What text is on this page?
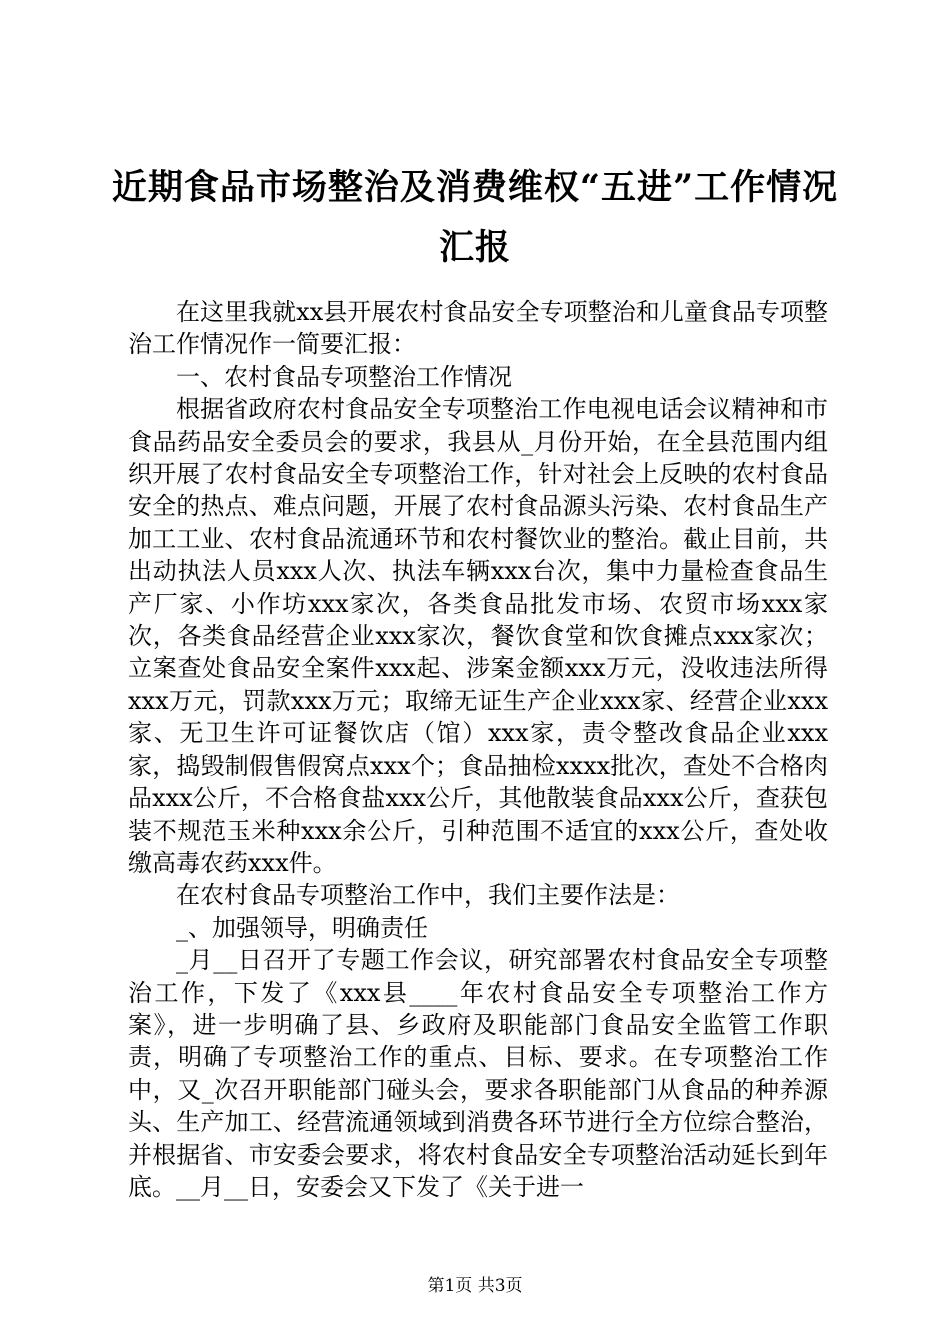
近期食品市场整治及消费维权“五进”工作情况汇报

在这里我就xx县开展农村食品安全专项整治和儿童食品专项整治工作情况作一简要汇报：

一、农村食品专项整治工作情况

根据省政府农村食品安全专项整治工作电视电话会议精神和市食品药品安全委员会的要求，我县从_月份开始，在全县范围内组织开展了农村食品安全专项整治工作，针对社会上反映的农村食品安全的热点、难点问题，开展了农村食品源头污染、农村食品生产加工工业、农村食品流通环节和农村餐饮业的整治。截止目前，共出动执法人员xxx人次、执法车辆xxx台次，集中力量检查食品生产厂家、小作坊xxx家次，各类食品批发市场、农贸市场xxx家次，各类食品经营企业xxx家次，餐饮食堂和饮食摊点xxx家次；立案查处食品安全案件xxx起、涉案金额xxx万元，没收违法所得xxx万元，罚款xxx万元；取缔无证生产企业xxx家、经营企业xxx家、无卫生许可证餐饮店（馆）xxx家，责令整改食品企业xxx家，捣毁制假售假窝点xxx个；食品抽检xxxx批次，查处不合格肉品xxx公斤，不合格食盐xxx公斤，其他散装食品xxx公斤，查获包装不规范玉米种xxx余公斤，引种范围不适宜的xxx公斤，查处收缴高毒农药xxx件。

在农村食品专项整治工作中，我们主要作法是：

_、加强领导，明确责任

_月__日召开了专题工作会议，研究部署农村食品安全专项整治工作，下发了《xxx县____年农村食品安全专项整治工作方案》，进一步明确了县、乡政府及职能部门食品安全监管工作职责，明确了专项整治工作的重点、目标、要求。在专项整治工作中，又_次召开职能部门碰头会，要求各职能部门从食品的种养源头、生产加工、经营流通领域到消费各环节进行全方位综合整治，并根据省、市安委会要求，将农村食品安全专项整治活动延长到年底。__月__日，安委会又下发了《关于进一

第1页 共3页
